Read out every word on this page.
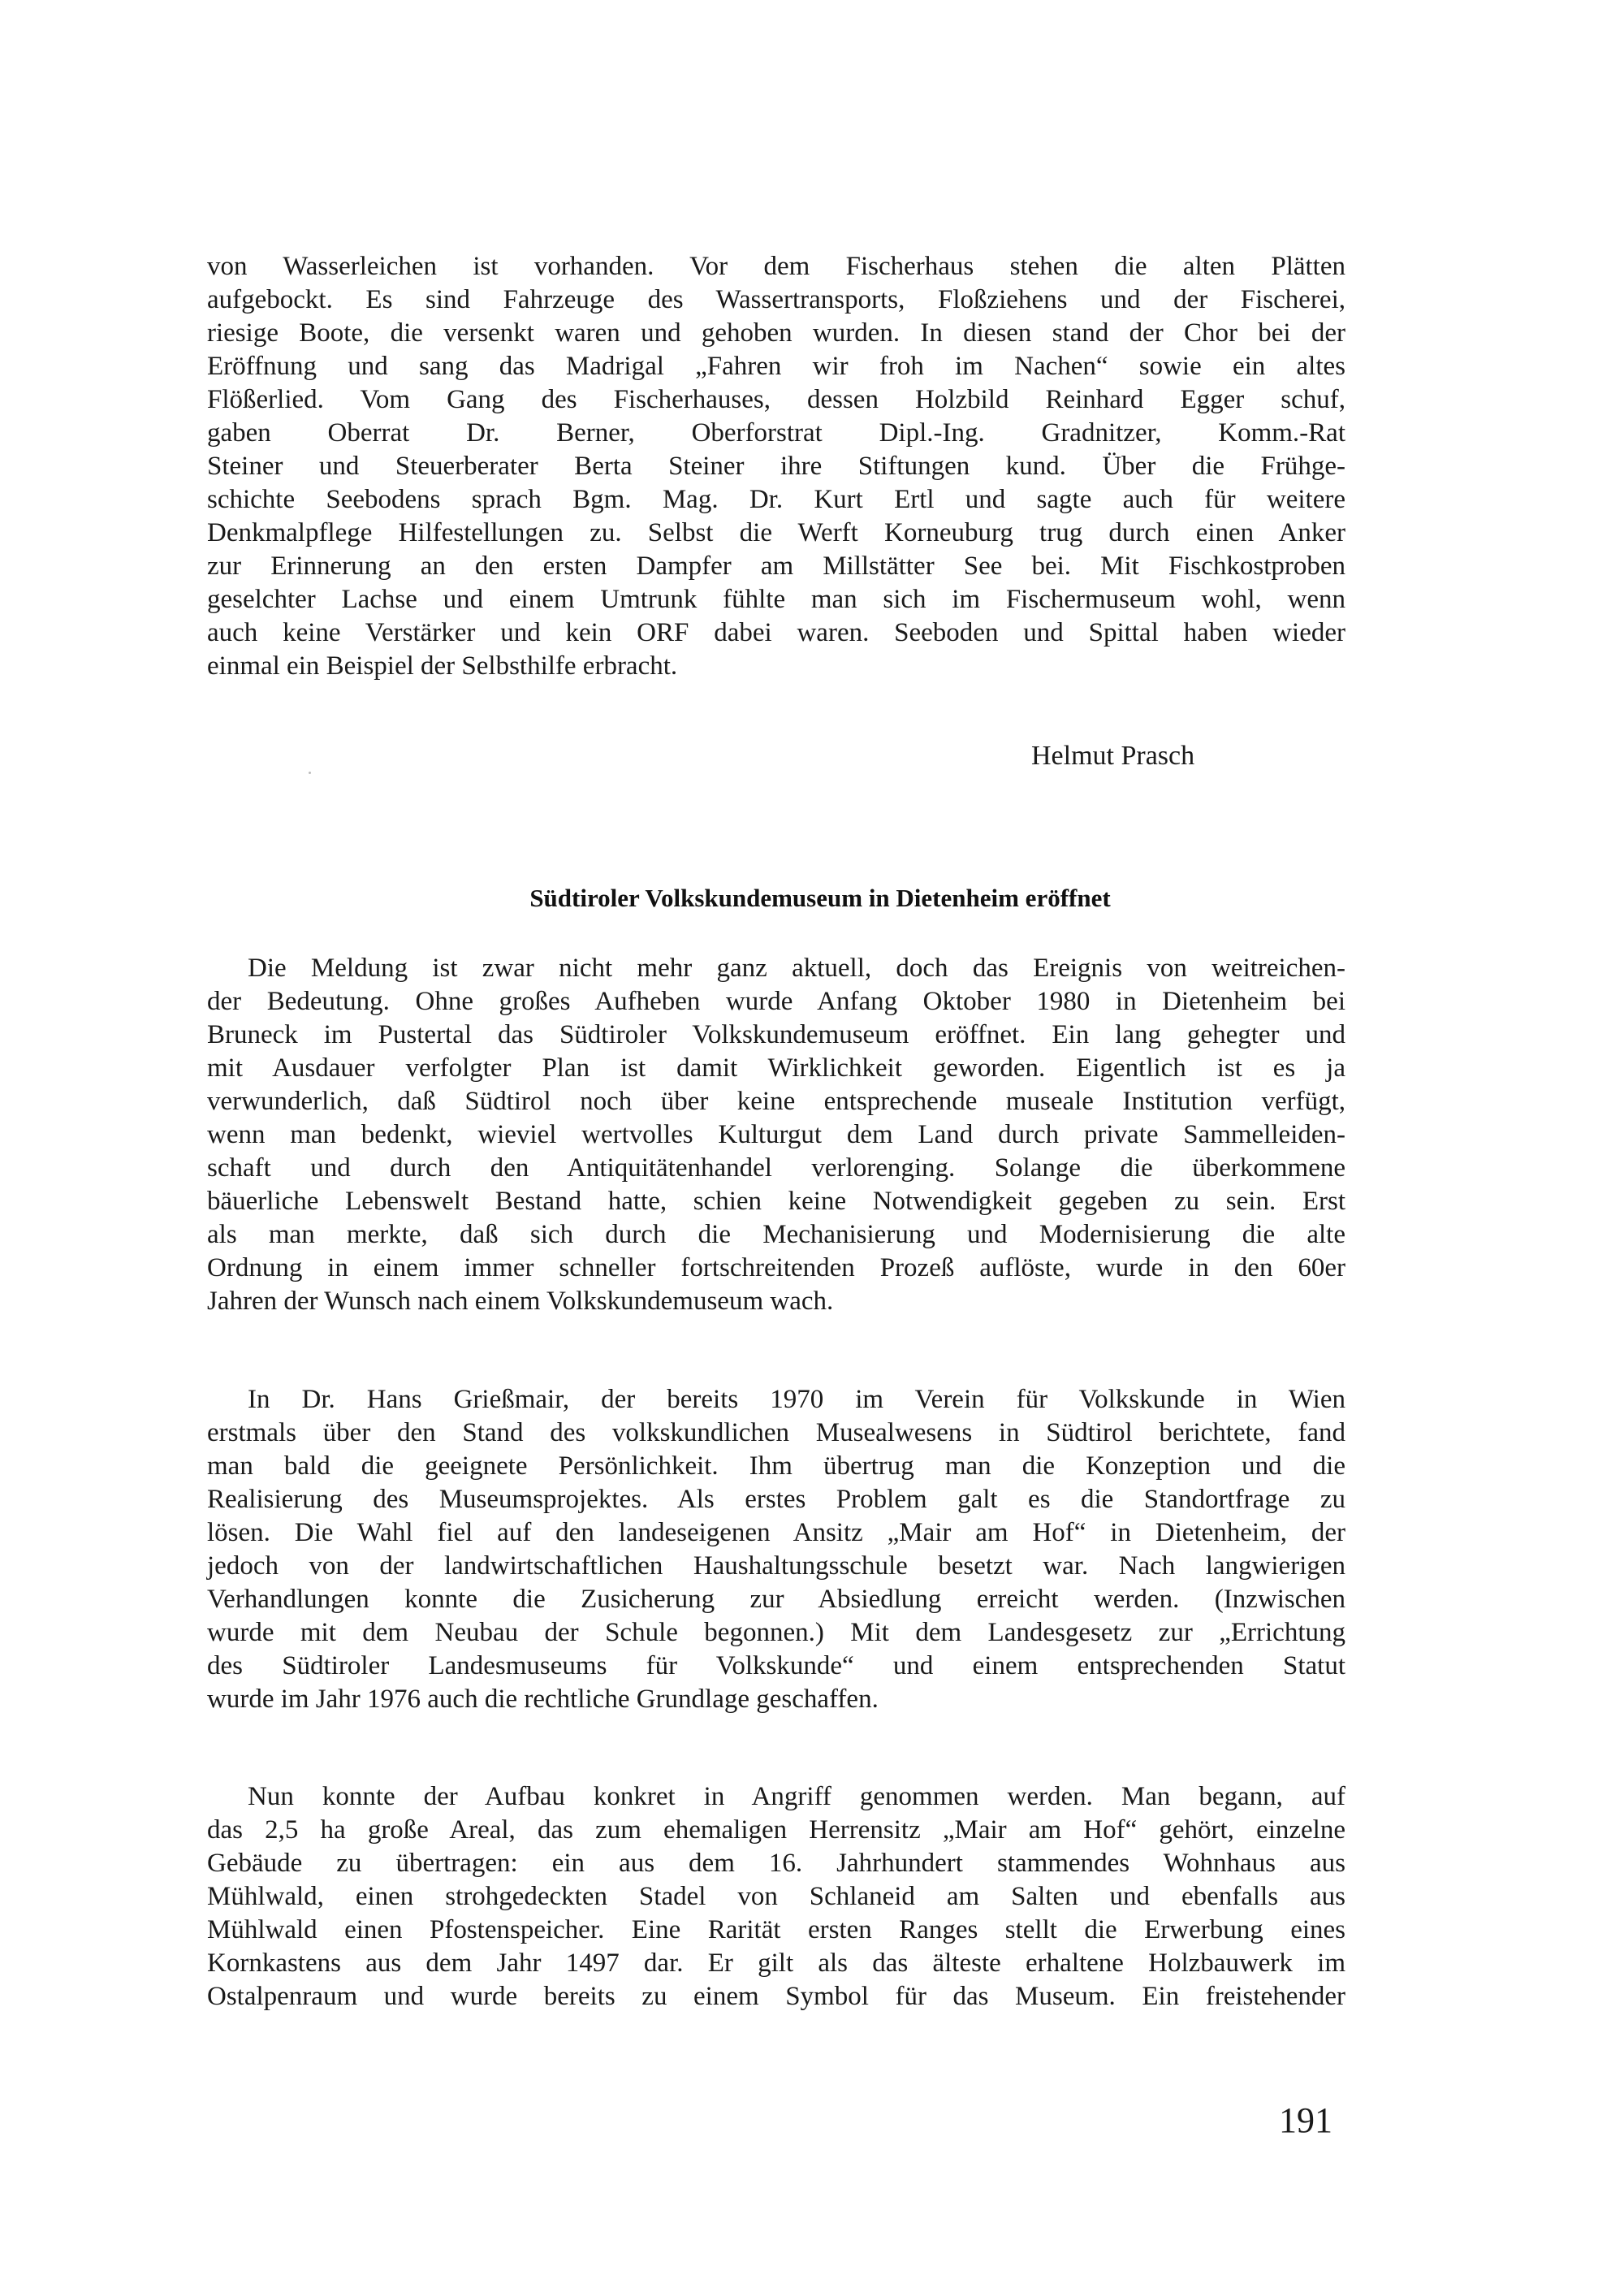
von Wasserleichen ist vorhanden. Vor dem Fischerhaus stehen die alten Plätten
aufgebockt. Es sind Fahrzeuge des Wassertransports, Floßziehens und der Fischerei,
riesige Boote, die versenkt waren und gehoben wurden. In diesen stand der Chor bei der
Eröffnung und sang das Madrigal „Fahren wir froh im Nachen“ sowie ein altes
Flößerlied. Vom Gang des Fischerhauses, dessen Holzbild Reinhard Egger schuf,
gaben Oberrat Dr. Berner, Oberforstrat Dipl.-Ing. Gradnitzer, Komm.-Rat
Steiner und Steuerberater Berta Steiner ihre Stiftungen kund. Über die Frühge-
schichte Seebodens sprach Bgm. Mag. Dr. Kurt Ertl und sagte auch für weitere
Denkmalpflege Hilfestellungen zu. Selbst die Werft Korneuburg trug durch einen Anker
zur Erinnerung an den ersten Dampfer am Millstätter See bei. Mit Fischkostproben
geselchter Lachse und einem Umtrunk fühlte man sich im Fischermuseum wohl, wenn
auch keine Verstärker und kein ORF dabei waren. Seeboden und Spittal haben wieder
einmal ein Beispiel der Selbsthilfe erbracht.
Helmut Prasch
Südtiroler Volkskundemuseum in Dietenheim eröffnet
Die Meldung ist zwar nicht mehr ganz aktuell, doch das Ereignis von weitreichen-
der Bedeutung. Ohne großes Aufheben wurde Anfang Oktober 1980 in Dietenheim bei
Bruneck im Pustertal das Südtiroler Volkskundemuseum eröffnet. Ein lang gehegter und
mit Ausdauer verfolgter Plan ist damit Wirklichkeit geworden. Eigentlich ist es ja
verwunderlich, daß Südtirol noch über keine entsprechende museale Institution verfügt,
wenn man bedenkt, wieviel wertvolles Kulturgut dem Land durch private Sammelleiden-
schaft und durch den Antiquitätenhandel verlorenging. Solange die überkommene
bäuerliche Lebenswelt Bestand hatte, schien keine Notwendigkeit gegeben zu sein. Erst
als man merkte, daß sich durch die Mechanisierung und Modernisierung die alte
Ordnung in einem immer schneller fortschreitenden Prozeß auflöste, wurde in den 60er
Jahren der Wunsch nach einem Volkskundemuseum wach.
In Dr. Hans Grießmair, der bereits 1970 im Verein für Volkskunde in Wien
erstmals über den Stand des volkskundlichen Musealwesens in Südtirol berichtete, fand
man bald die geeignete Persönlichkeit. Ihm übertrug man die Konzeption und die
Realisierung des Museumsprojektes. Als erstes Problem galt es die Standortfrage zu
lösen. Die Wahl fiel auf den landeseigenen Ansitz „Mair am Hof“ in Dietenheim, der
jedoch von der landwirtschaftlichen Haushaltungsschule besetzt war. Nach langwierigen
Verhandlungen konnte die Zusicherung zur Absiedlung erreicht werden. (Inzwischen
wurde mit dem Neubau der Schule begonnen.) Mit dem Landesgesetz zur „Errichtung
des Südtiroler Landesmuseums für Volkskunde“ und einem entsprechenden Statut
wurde im Jahr 1976 auch die rechtliche Grundlage geschaffen.
Nun konnte der Aufbau konkret in Angriff genommen werden. Man begann, auf
das 2,5 ha große Areal, das zum ehemaligen Herrensitz „Mair am Hof“ gehört, einzelne
Gebäude zu übertragen: ein aus dem 16. Jahrhundert stammendes Wohnhaus aus
Mühlwald, einen strohgedeckten Stadel von Schlaneid am Salten und ebenfalls aus
Mühlwald einen Pfostenspeicher. Eine Rarität ersten Ranges stellt die Erwerbung eines
Kornkastens aus dem Jahr 1497 dar. Er gilt als das älteste erhaltene Holzbauwerk im
Ostalpenraum und wurde bereits zu einem Symbol für das Museum. Ein freistehender
191
